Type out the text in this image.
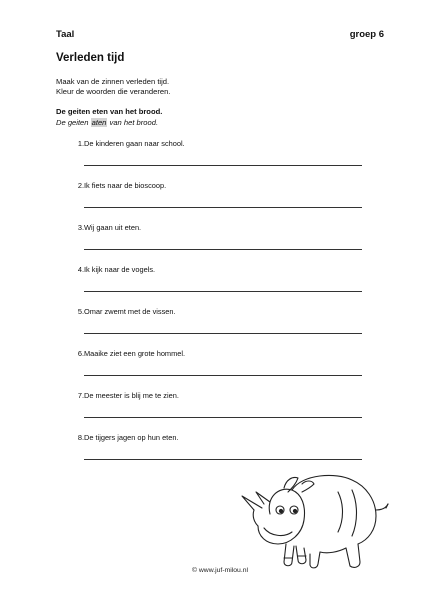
Taal	groep 6
Verleden tijd
Maak van de zinnen verleden tijd.
Kleur de woorden die veranderen.
De geiten eten van het brood.
De geiten aten van het brood.
1. De kinderen gaan naar school.
2. Ik fiets naar de bioscoop.
3. Wij gaan uit eten.
4. Ik kijk naar de vogels.
5. Omar zwemt met de vissen.
6. Maaike ziet een grote hommel.
7. De meester is blij me te zien.
8. De tijgers jagen op hun eten.
© www.juf-milou.nl
